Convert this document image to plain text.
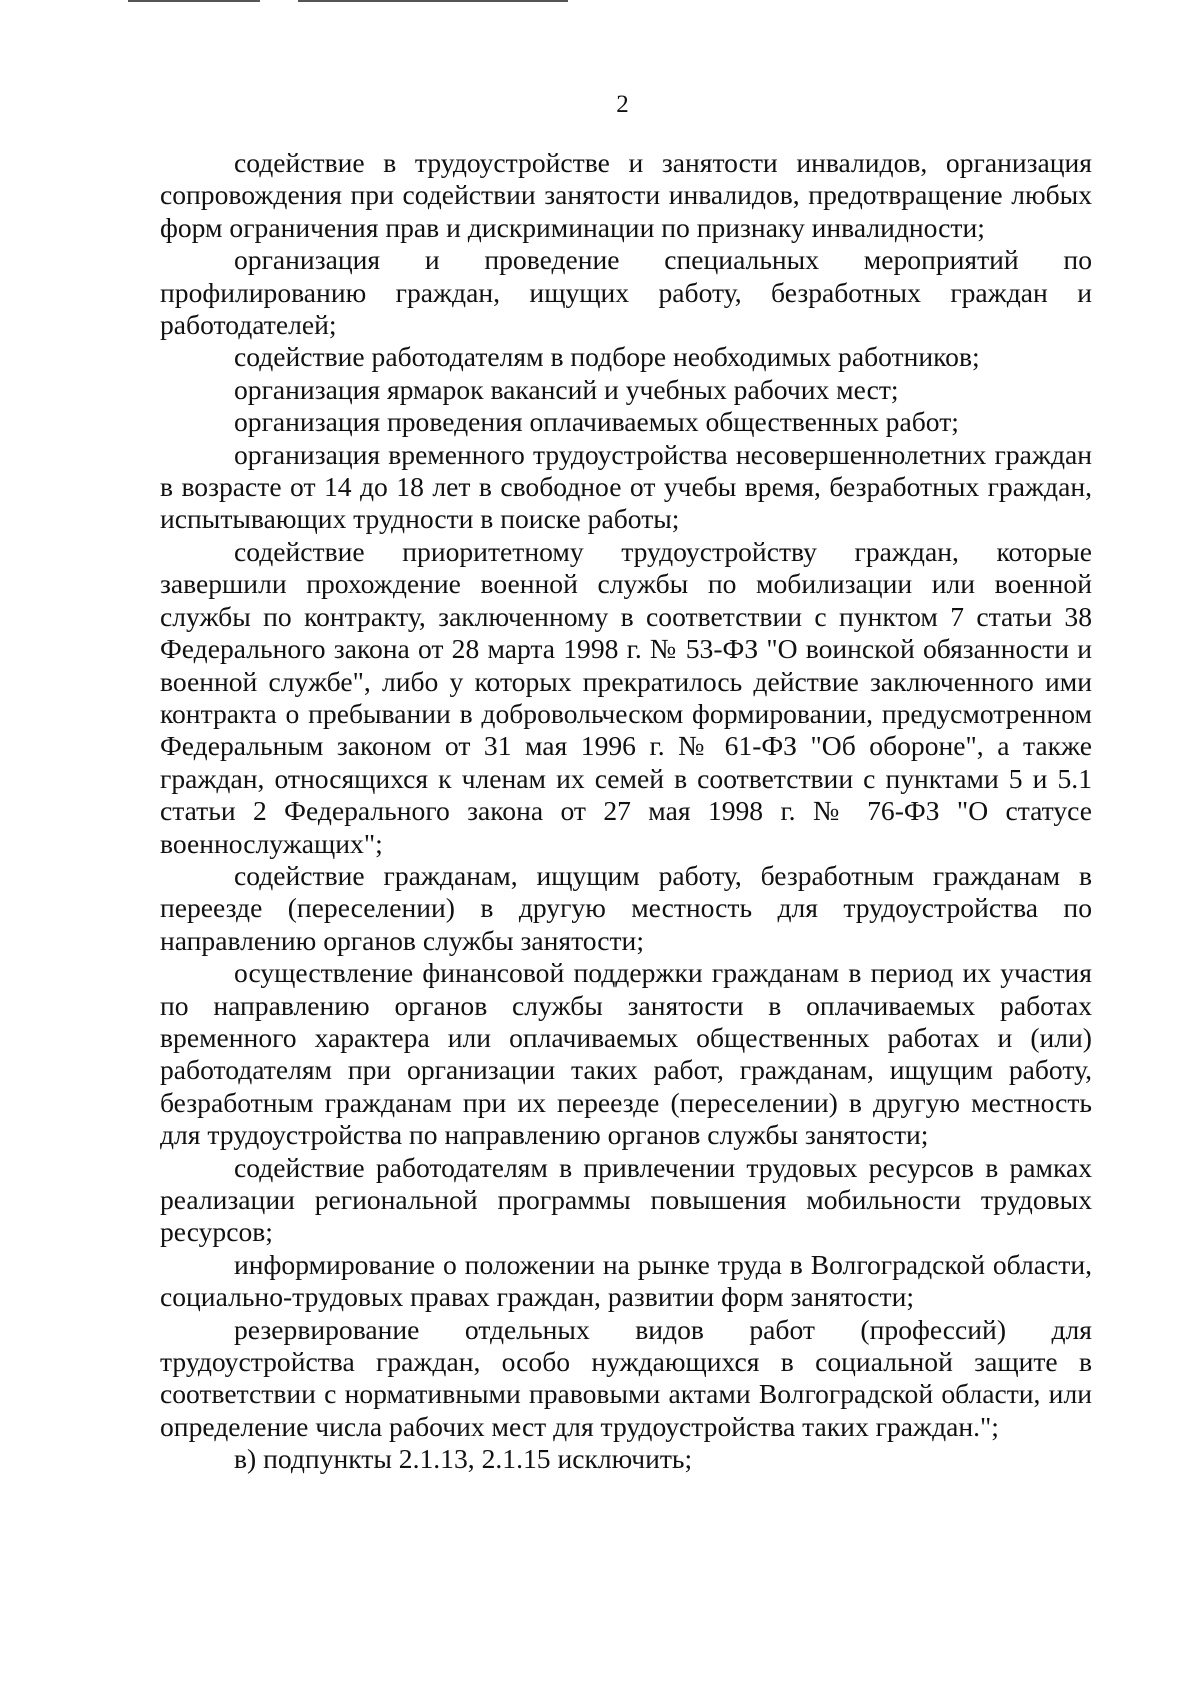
2

содействие в трудоустройстве и занятости инвалидов, организация сопровождения при содействии занятости инвалидов, предотвращение любых форм ограничения прав и дискриминации по признаку инвалидности;

организация и проведение специальных мероприятий по профилированию граждан, ищущих работу, безработных граждан и работодателей;

содействие работодателям в подборе необходимых работников;

организация ярмарок вакансий и учебных рабочих мест;

организация проведения оплачиваемых общественных работ;

организация временного трудоустройства несовершеннолетних граждан в возрасте от 14 до 18 лет в свободное от учебы время, безработных граждан, испытывающих трудности в поиске работы;

содействие приоритетному трудоустройству граждан, которые завершили прохождение военной службы по мобилизации или военной службы по контракту, заключенному в соответствии с пунктом 7 статьи 38 Федерального закона от 28 марта 1998 г. № 53-ФЗ "О воинской обязанности и военной службе", либо у которых прекратилось действие заключенного ими контракта о пребывании в добровольческом формировании, предусмотренном Федеральным законом от 31 мая 1996 г. № 61-ФЗ "Об обороне", а также граждан, относящихся к членам их семей в соответствии с пунктами 5 и 5.1 статьи 2 Федерального закона от 27 мая 1998 г. № 76-ФЗ "О статусе военнослужащих";

содействие гражданам, ищущим работу, безработным гражданам в переезде (переселении) в другую местность для трудоустройства по направлению органов службы занятости;

осуществление финансовой поддержки гражданам в период их участия по направлению органов службы занятости в оплачиваемых работах временного характера или оплачиваемых общественных работах и (или) работодателям при организации таких работ, гражданам, ищущим работу, безработным гражданам при их переезде (переселении) в другую местность для трудоустройства по направлению органов службы занятости;

содействие работодателям в привлечении трудовых ресурсов в рамках реализации региональной программы повышения мобильности трудовых ресурсов;

информирование о положении на рынке труда в Волгоградской области, социально-трудовых правах граждан, развитии форм занятости;

резервирование отдельных видов работ (профессий) для трудоустройства граждан, особо нуждающихся в социальной защите в соответствии с нормативными правовыми актами Волгоградской области, или определение числа рабочих мест для трудоустройства таких граждан.";

в) подпункты 2.1.13, 2.1.15 исключить;
